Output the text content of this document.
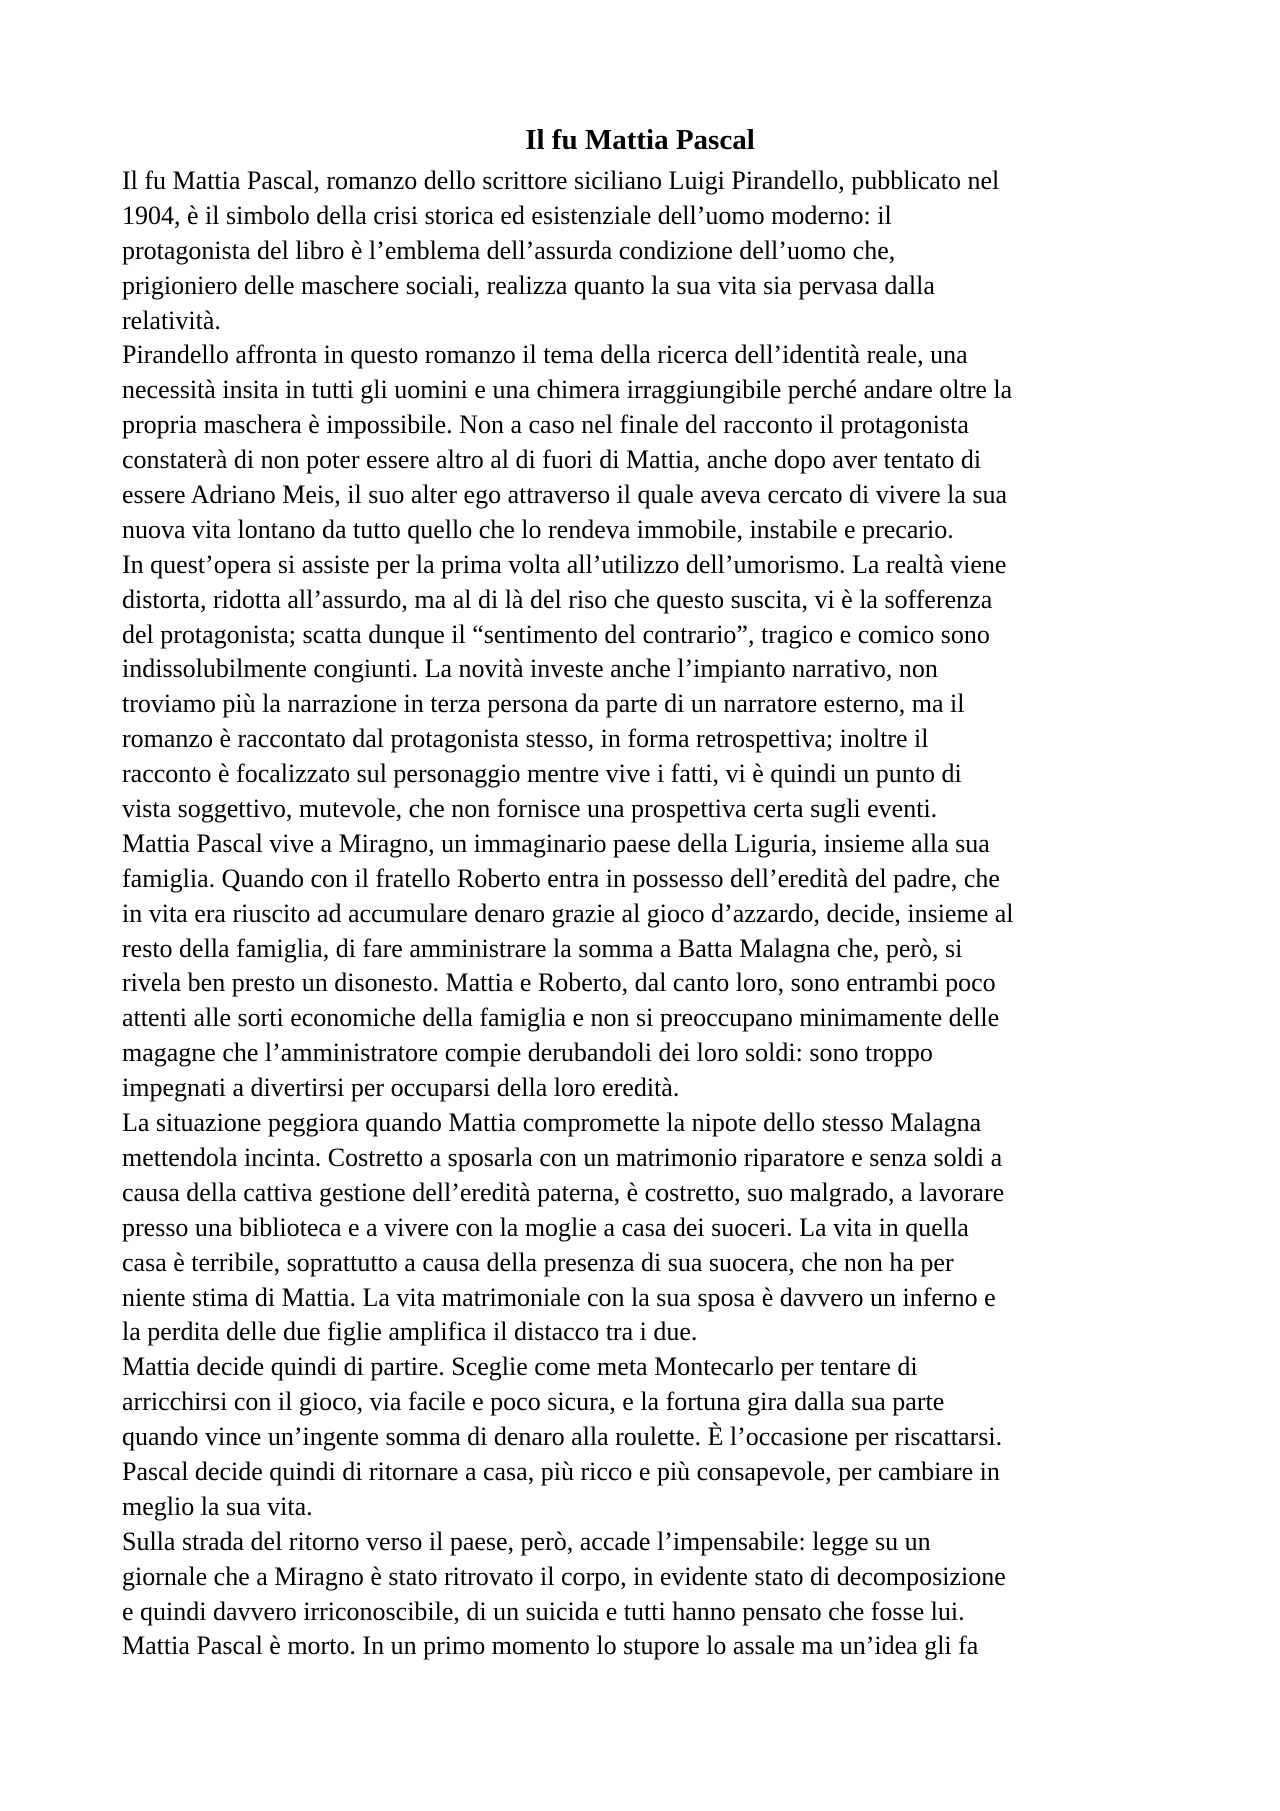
Il fu Mattia Pascal
Il fu Mattia Pascal, romanzo dello scrittore siciliano Luigi Pirandello, pubblicato nel
1904, è il simbolo della crisi storica ed esistenziale dell’uomo moderno: il
protagonista del libro è l’emblema dell’assurda condizione dell’uomo che,
prigioniero delle maschere sociali, realizza quanto la sua vita sia pervasa dalla
relatività.
Pirandello affronta in questo romanzo il tema della ricerca dell’identità reale, una
necessità insita in tutti gli uomini e una chimera irraggiungibile perché andare oltre la
propria maschera è impossibile. Non a caso nel finale del racconto il protagonista
constaterà di non poter essere altro al di fuori di Mattia, anche dopo aver tentato di
essere Adriano Meis, il suo alter ego attraverso il quale aveva cercato di vivere la sua
nuova vita lontano da tutto quello che lo rendeva immobile, instabile e precario.
In quest’opera si assiste per la prima volta all’utilizzo dell’umorismo. La realtà viene
distorta, ridotta all’assurdo, ma al di là del riso che questo suscita, vi è la sofferenza
del protagonista; scatta dunque il “sentimento del contrario”, tragico e comico sono
indissolubilmente congiunti. La novità investe anche l’impianto narrativo, non
troviamo più la narrazione in terza persona da parte di un narratore esterno, ma il
romanzo è raccontato dal protagonista stesso, in forma retrospettiva; inoltre il
racconto è focalizzato sul personaggio mentre vive i fatti, vi è quindi un punto di
vista soggettivo, mutevole, che non fornisce una prospettiva certa sugli eventi.
Mattia Pascal vive a Miragno, un immaginario paese della Liguria, insieme alla sua
famiglia. Quando con il fratello Roberto entra in possesso dell’eredità del padre, che
in vita era riuscito ad accumulare denaro grazie al gioco d’azzardo, decide, insieme al
resto della famiglia, di fare amministrare la somma a Batta Malagna che, però, si
rivela ben presto un disonesto. Mattia e Roberto, dal canto loro, sono entrambi poco
attenti alle sorti economiche della famiglia e non si preoccupano minimamente delle
magagne che l’amministratore compie derubandoli dei loro soldi: sono troppo
impegnati a divertirsi per occuparsi della loro eredità.
La situazione peggiora quando Mattia compromette la nipote dello stesso Malagna
mettendola incinta. Costretto a sposarla con un matrimonio riparatore e senza soldi a
causa della cattiva gestione dell’eredità paterna, è costretto, suo malgrado, a lavorare
presso una biblioteca e a vivere con la moglie a casa dei suoceri. La vita in quella
casa è terribile, soprattutto a causa della presenza di sua suocera, che non ha per
niente stima di Mattia. La vita matrimoniale con la sua sposa è davvero un inferno e
la perdita delle due figlie amplifica il distacco tra i due.
Mattia decide quindi di partire. Sceglie come meta Montecarlo per tentare di
arricchirsi con il gioco, via facile e poco sicura, e la fortuna gira dalla sua parte
quando vince un’ingente somma di denaro alla roulette. È l’occasione per riscattarsi.
Pascal decide quindi di ritornare a casa, più ricco e più consapevole, per cambiare in
meglio la sua vita.
Sulla strada del ritorno verso il paese, però, accade l’impensabile: legge su un
giornale che a Miragno è stato ritrovato il corpo, in evidente stato di decomposizione
e quindi davvero irriconoscibile, di un suicida e tutti hanno pensato che fosse lui.
Mattia Pascal è morto. In un primo momento lo stupore lo assale ma un’idea gli fa
